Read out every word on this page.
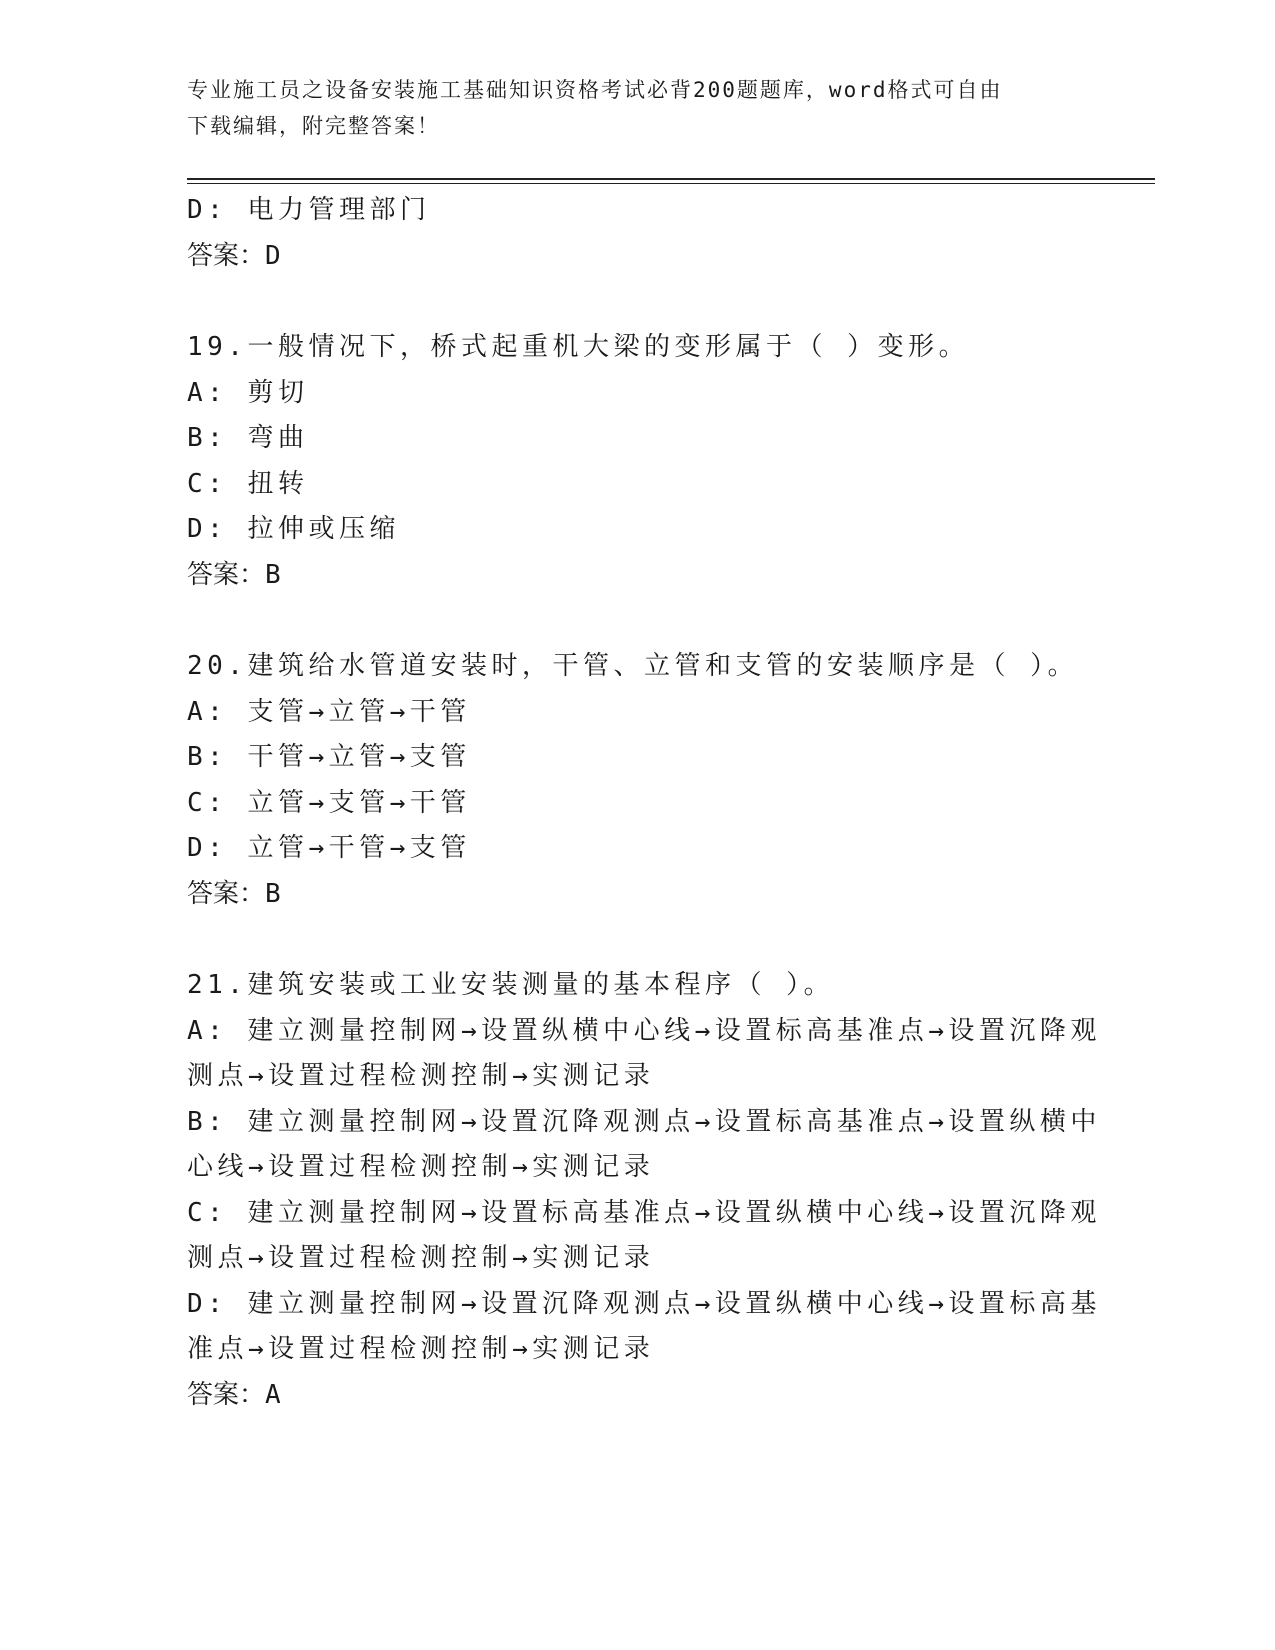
专业施工员之设备安装施工基础知识资格考试必背200题题库，word格式可自由
下载编辑，附完整答案！
D: 电力管理部门
答案：D
19.一般情况下，桥式起重机大梁的变形属于（ ）变形。
A: 剪切
B: 弯曲
C: 扭转
D: 拉伸或压缩
答案：B
20.建筑给水管道安装时，干管、立管和支管的安装顺序是（ ）。
A: 支管→立管→干管
B: 干管→立管→支管
C: 立管→支管→干管
D: 立管→干管→支管
答案：B
21.建筑安装或工业安装测量的基本程序（ ）。
A: 建立测量控制网→设置纵横中心线→设置标高基准点→设置沉降观
测点→设置过程检测控制→实测记录
B: 建立测量控制网→设置沉降观测点→设置标高基准点→设置纵横中
心线→设置过程检测控制→实测记录
C: 建立测量控制网→设置标高基准点→设置纵横中心线→设置沉降观
测点→设置过程检测控制→实测记录
D: 建立测量控制网→设置沉降观测点→设置纵横中心线→设置标高基
准点→设置过程检测控制→实测记录
答案：A
